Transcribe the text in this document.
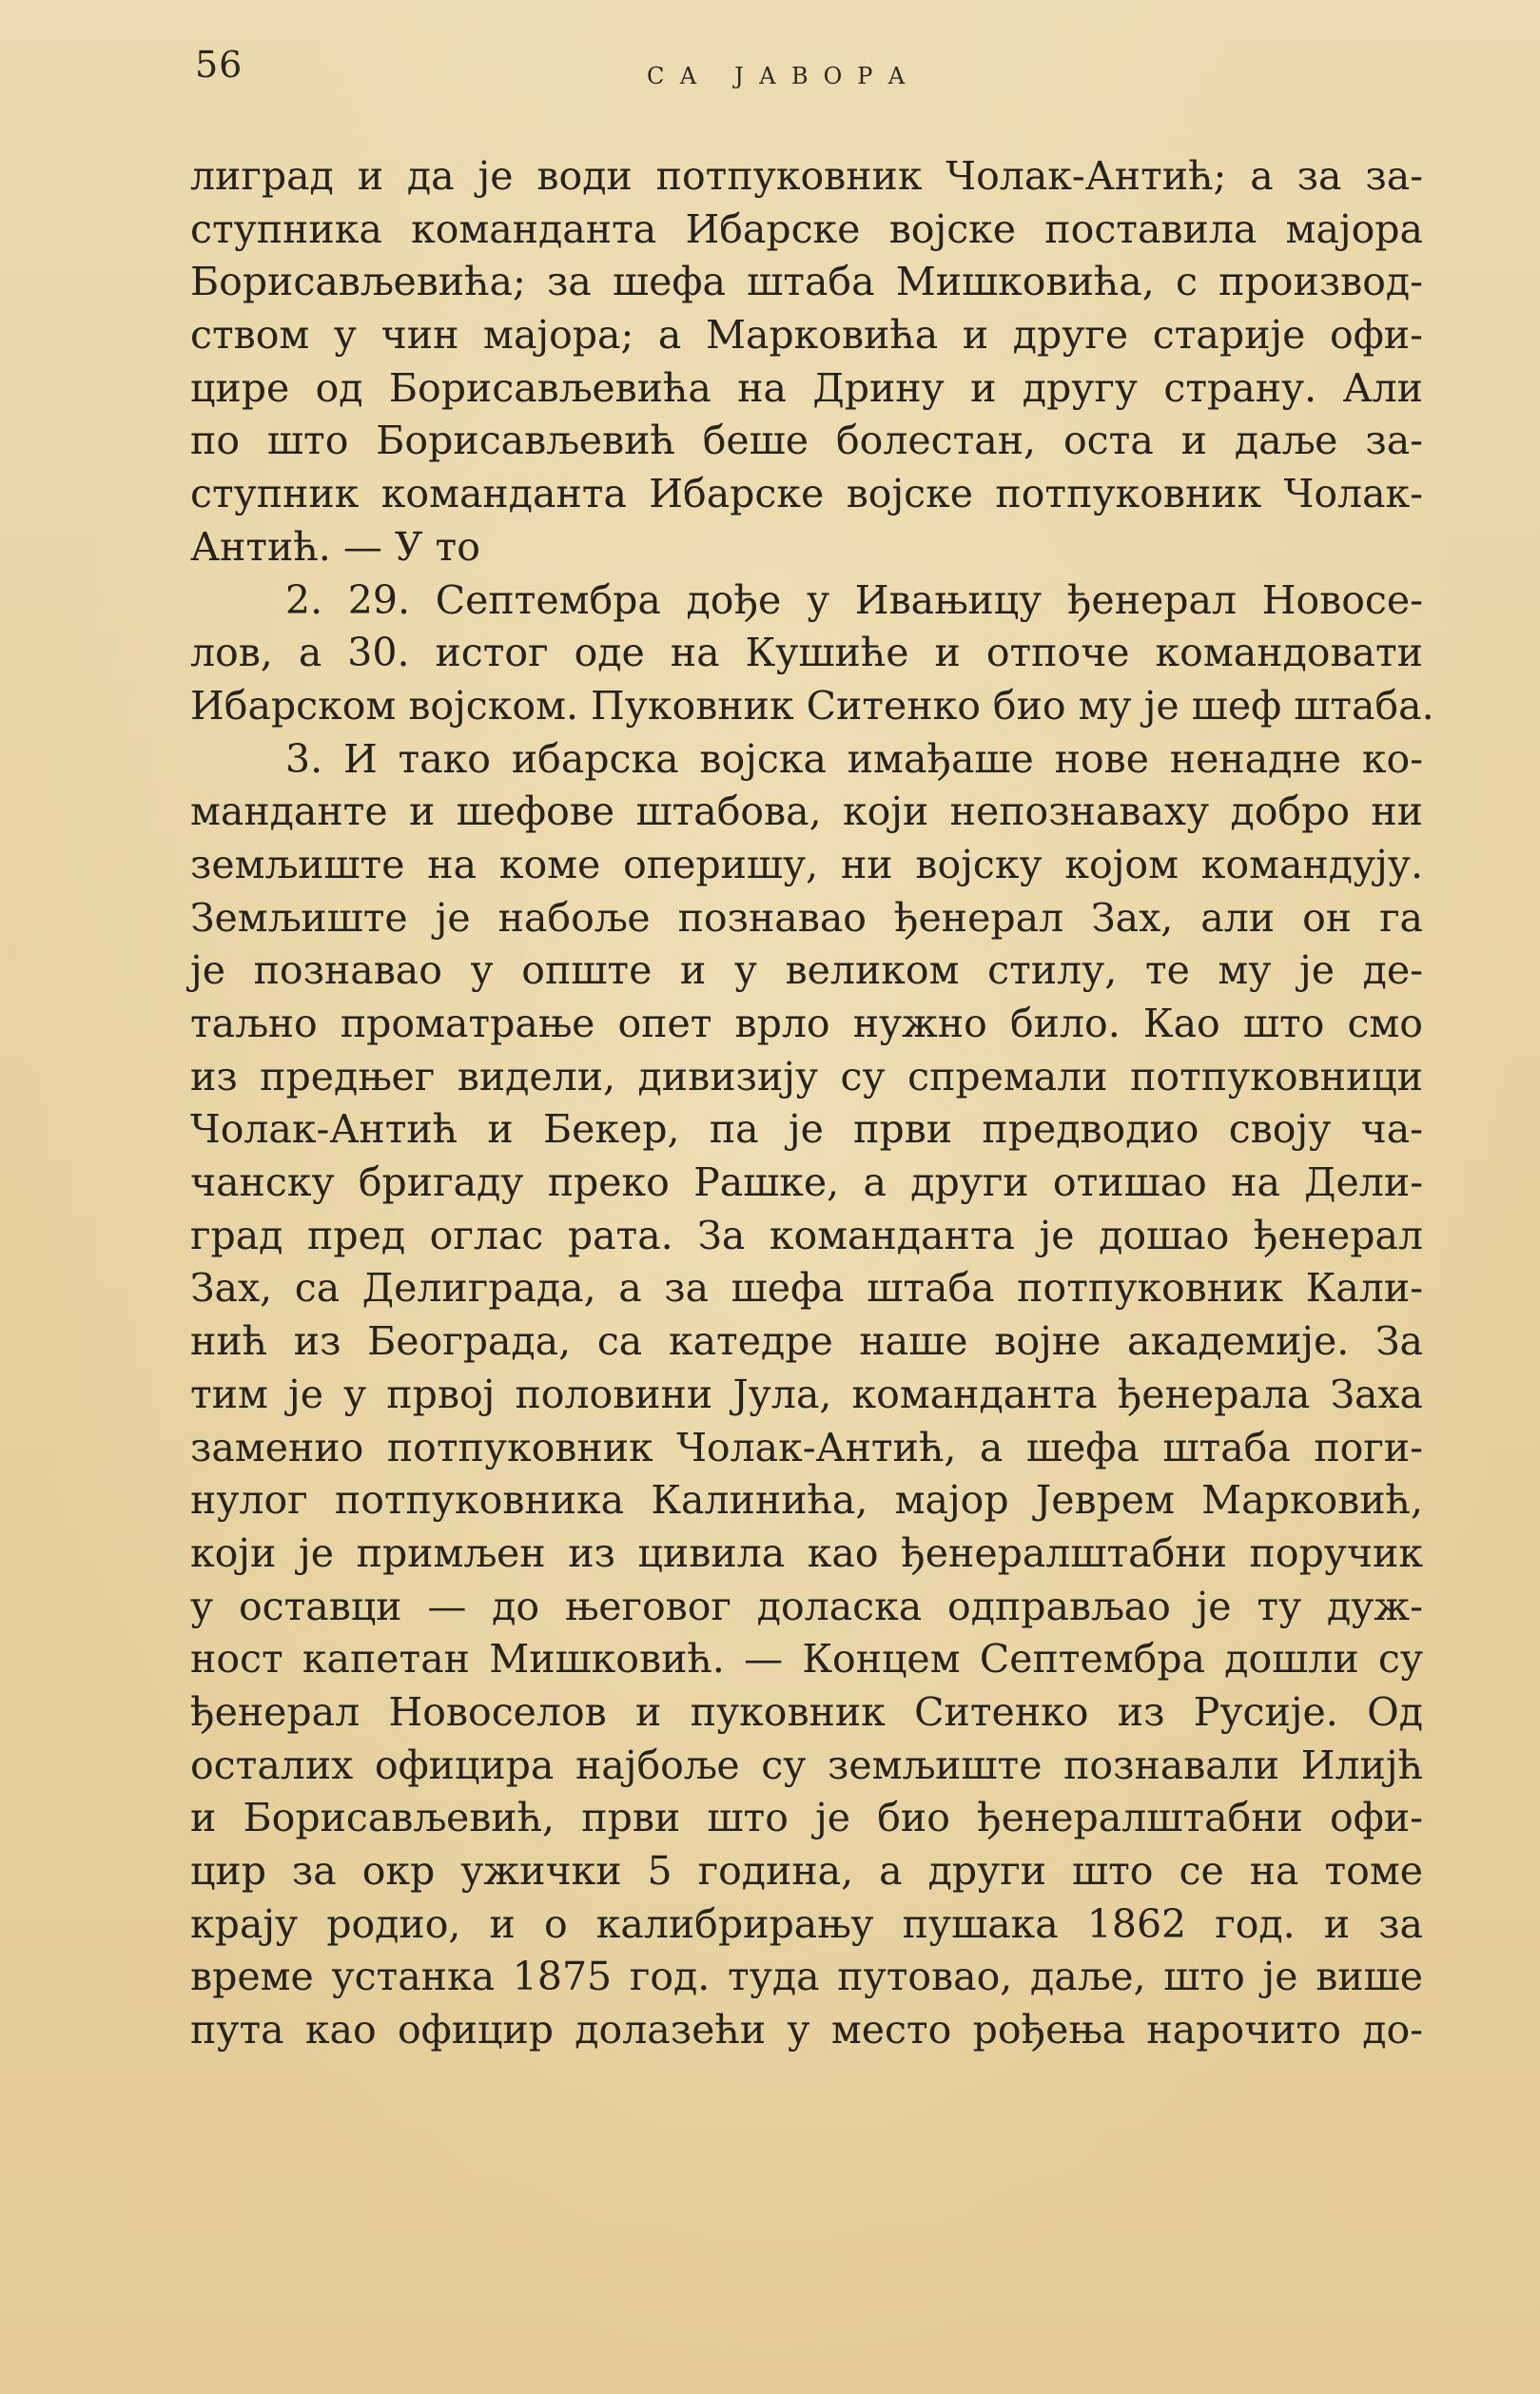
56	СА ЈАВОРА
лиград и да је води потпуковник Чолак-Антић; а за за-
ступника команданта Ибарске војске поставила мајора
Борисављевића; за шефа штаба Мишковића, с производ-
ством у чин мајора; а Марковића и друге старије офи-
цире од Борисављевића на Дрину и другу страну. Али
по што Борисављевић беше болестан, оста и даље за-
ступник команданта Ибарске војске потпуковник Чолак-
Антић. — У то
2. 29. Септембра дође у Ивањицу ђенерал Новосе-
лов, а 30. истог оде на Кушиће и отпоче командовати
Ибарском војском. Пуковник Ситенко био му је шеф штаба.
3. И тако ибарска војска имађаше нове ненадне ко-
манданте и шефове штабова, који непознаваху добро ни
земљиште на коме оперишу, ни војску којом командују.
Земљиште је набоље познавао ђенерал Зах, али он га
је познавао у опште и у великом стилу, те му је де-
таљно проматрање опет врло нужно било. Као што смо
из предњег видели, дивизију су спремали потпуковници
Чолак-Антић и Бекер, па је први предводио своју ча-
чанску бригаду преко Рашке, а други отишао на Дели-
град пред оглас рата. За команданта је дошао ђенерал
Зах, са Делиграда, а за шефа штаба потпуковник Кали-
нић из Београда, са катедре наше војне академије. За
тим је у првој половини Јула, команданта ђенерала Заха
заменио потпуковник Чолак-Антић, а шефа штаба поги-
нулог потпуковника Калинића, мајор Јеврем Марковић,
који је примљен из цивила као ђенералштабни поручик
у оставци — до његовог доласка одправљао је ту дуж-
ност капетан Мишковић. — Концем Септембра дошли су
ђенерал Новоселов и пуковник Ситенко из Русије. Од
осталих официра најбоље су земљиште познавали Илијћ
и Борисављевић, први што је био ђенералштабни офи-
цир за окр ужички 5 година, а други што се на томе
крају родио, и о калибрирању пушака 1862 год. и за
време устанка 1875 год. туда путовао, даље, што је више
пута као официр долазећи у место рођења нарочито до-
